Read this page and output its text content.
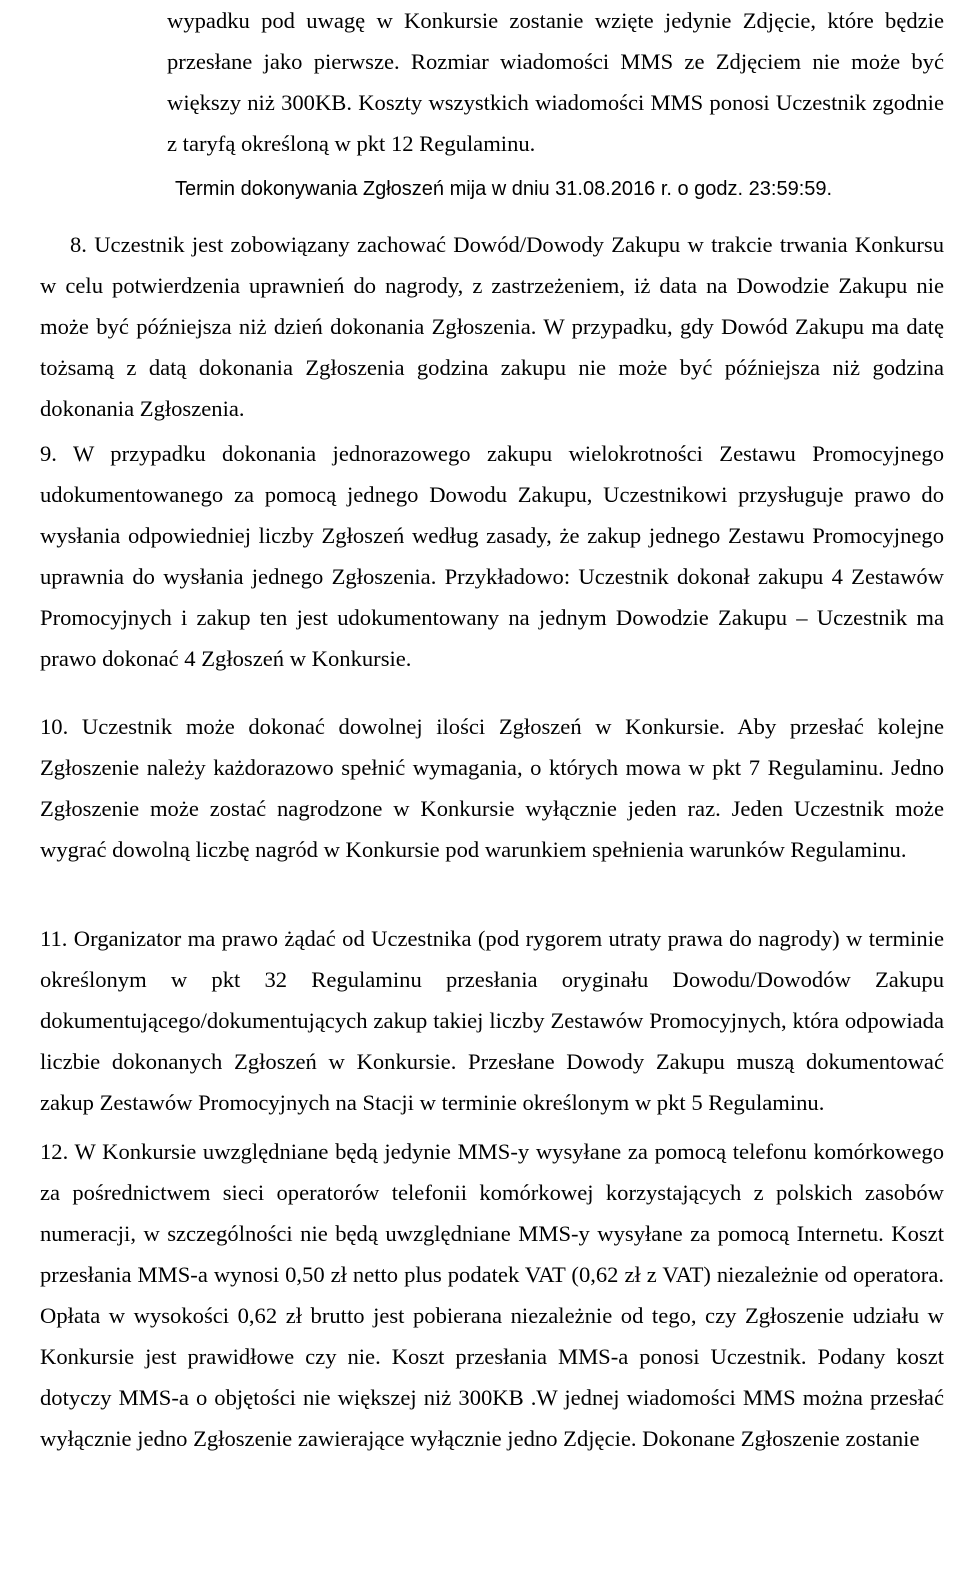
wypadku pod uwagę w Konkursie zostanie wzięte jedynie Zdjęcie, które będzie przesłane jako pierwsze. Rozmiar wiadomości MMS ze Zdjęciem nie może być większy niż 300KB. Koszty wszystkich wiadomości MMS ponosi Uczestnik zgodnie z taryfą określoną w pkt 12 Regulaminu.
Termin dokonywania Zgłoszeń mija w dniu 31.08.2016 r. o godz. 23:59:59.
8. Uczestnik jest zobowiązany zachować Dowód/Dowody Zakupu w trakcie trwania Konkursu w celu potwierdzenia uprawnień do nagrody, z zastrzeżeniem, iż data na Dowodzie Zakupu nie może być późniejsza niż dzień dokonania Zgłoszenia. W przypadku, gdy Dowód Zakupu ma datę tożsamą z datą dokonania Zgłoszenia godzina zakupu nie może być późniejsza niż godzina dokonania Zgłoszenia.
9. W przypadku dokonania jednorazowego zakupu wielokrotności Zestawu Promocyjnego udokumentowanego za pomocą jednego Dowodu Zakupu, Uczestnikowi przysługuje prawo do wysłania odpowiedniej liczby Zgłoszeń według zasady, że zakup jednego Zestawu Promocyjnego uprawnia do wysłania jednego Zgłoszenia. Przykładowo: Uczestnik dokonał zakupu 4 Zestawów Promocyjnych i zakup ten jest udokumentowany na jednym Dowodzie Zakupu – Uczestnik ma prawo dokonać 4 Zgłoszeń w Konkursie.
10. Uczestnik może dokonać dowolnej ilości Zgłoszeń w Konkursie. Aby przesłać kolejne Zgłoszenie należy każdorazowo spełnić wymagania, o których mowa w pkt 7 Regulaminu. Jedno Zgłoszenie może zostać nagrodzone w Konkursie wyłącznie jeden raz. Jeden Uczestnik może wygrać dowolną liczbę nagród w Konkursie pod warunkiem spełnienia warunków Regulaminu.
11. Organizator ma prawo żądać od Uczestnika (pod rygorem utraty prawa do nagrody) w terminie określonym w pkt 32 Regulaminu przesłania oryginału Dowodu/Dowodów Zakupu dokumentującego/dokumentujących zakup takiej liczby Zestawów Promocyjnych, która odpowiada liczbie dokonanych Zgłoszeń w Konkursie. Przesłane Dowody Zakupu muszą dokumentować zakup Zestawów Promocyjnych na Stacji w terminie określonym w pkt 5 Regulaminu.
12. W Konkursie uwzględniane będą jedynie MMS-y wysyłane za pomocą telefonu komórkowego za pośrednictwem sieci operatorów telefonii komórkowej korzystających z polskich zasobów numeracji, w szczególności nie będą uwzględniane MMS-y wysyłane za pomocą Internetu. Koszt przesłania MMS-a wynosi 0,50 zł netto plus podatek VAT (0,62 zł z VAT) niezależnie od operatora. Opłata w wysokości 0,62 zł brutto jest pobierana niezależnie od tego, czy Zgłoszenie udziału w Konkursie jest prawidłowe czy nie. Koszt przesłania MMS-a ponosi Uczestnik. Podany koszt dotyczy MMS-a o objętości nie większej niż 300KB .W jednej wiadomości MMS można przesłać wyłącznie jedno Zgłoszenie zawierające wyłącznie jedno Zdjęcie. Dokonane Zgłoszenie zostanie
